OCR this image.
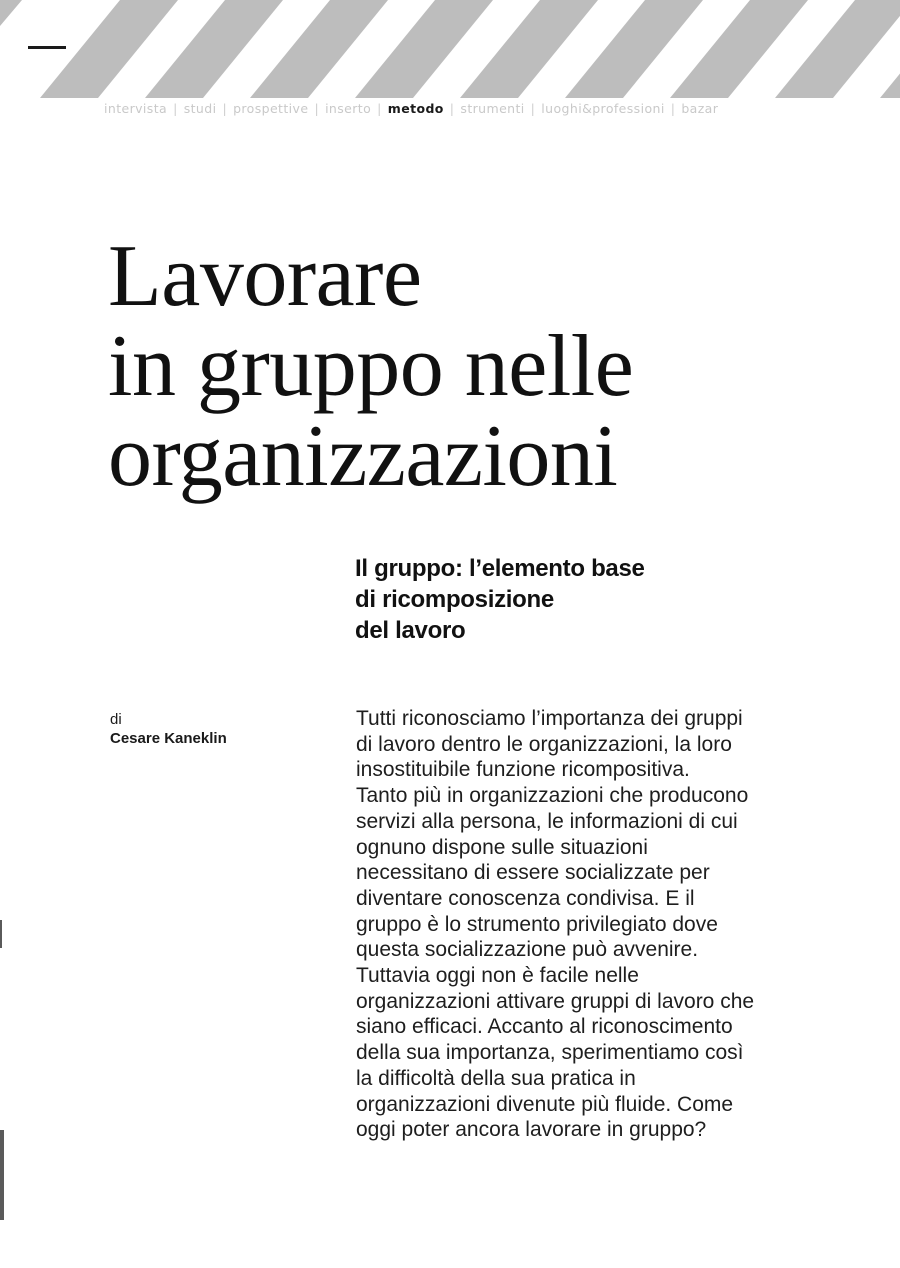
intervista | studi | prospettive | inserto | metodo | strumenti | luoghi&professioni | bazar
Lavorare
in gruppo nelle
organizzazioni
Il gruppo: l’elemento base
di ricomposizione
del lavoro
di
Cesare Kaneklin

Tutti riconosciamo l’importanza dei gruppi
di lavoro dentro le organizzazioni, la loro
insostituibile funzione ricompositiva.
Tanto più in organizzazioni che producono
servizi alla persona, le informazioni di cui
ognuno dispone sulle situazioni
necessitano di essere socializzate per
diventare conoscenza condivisa. E il
gruppo è lo strumento privilegiato dove
questa socializzazione può avvenire.
Tuttavia oggi non è facile nelle
organizzazioni attivare gruppi di lavoro che
siano efficaci. Accanto al riconoscimento
della sua importanza, sperimentiamo così
la difficoltà della sua pratica in
organizzazioni divenute più fluide. Come
oggi poter ancora lavorare in gruppo?
